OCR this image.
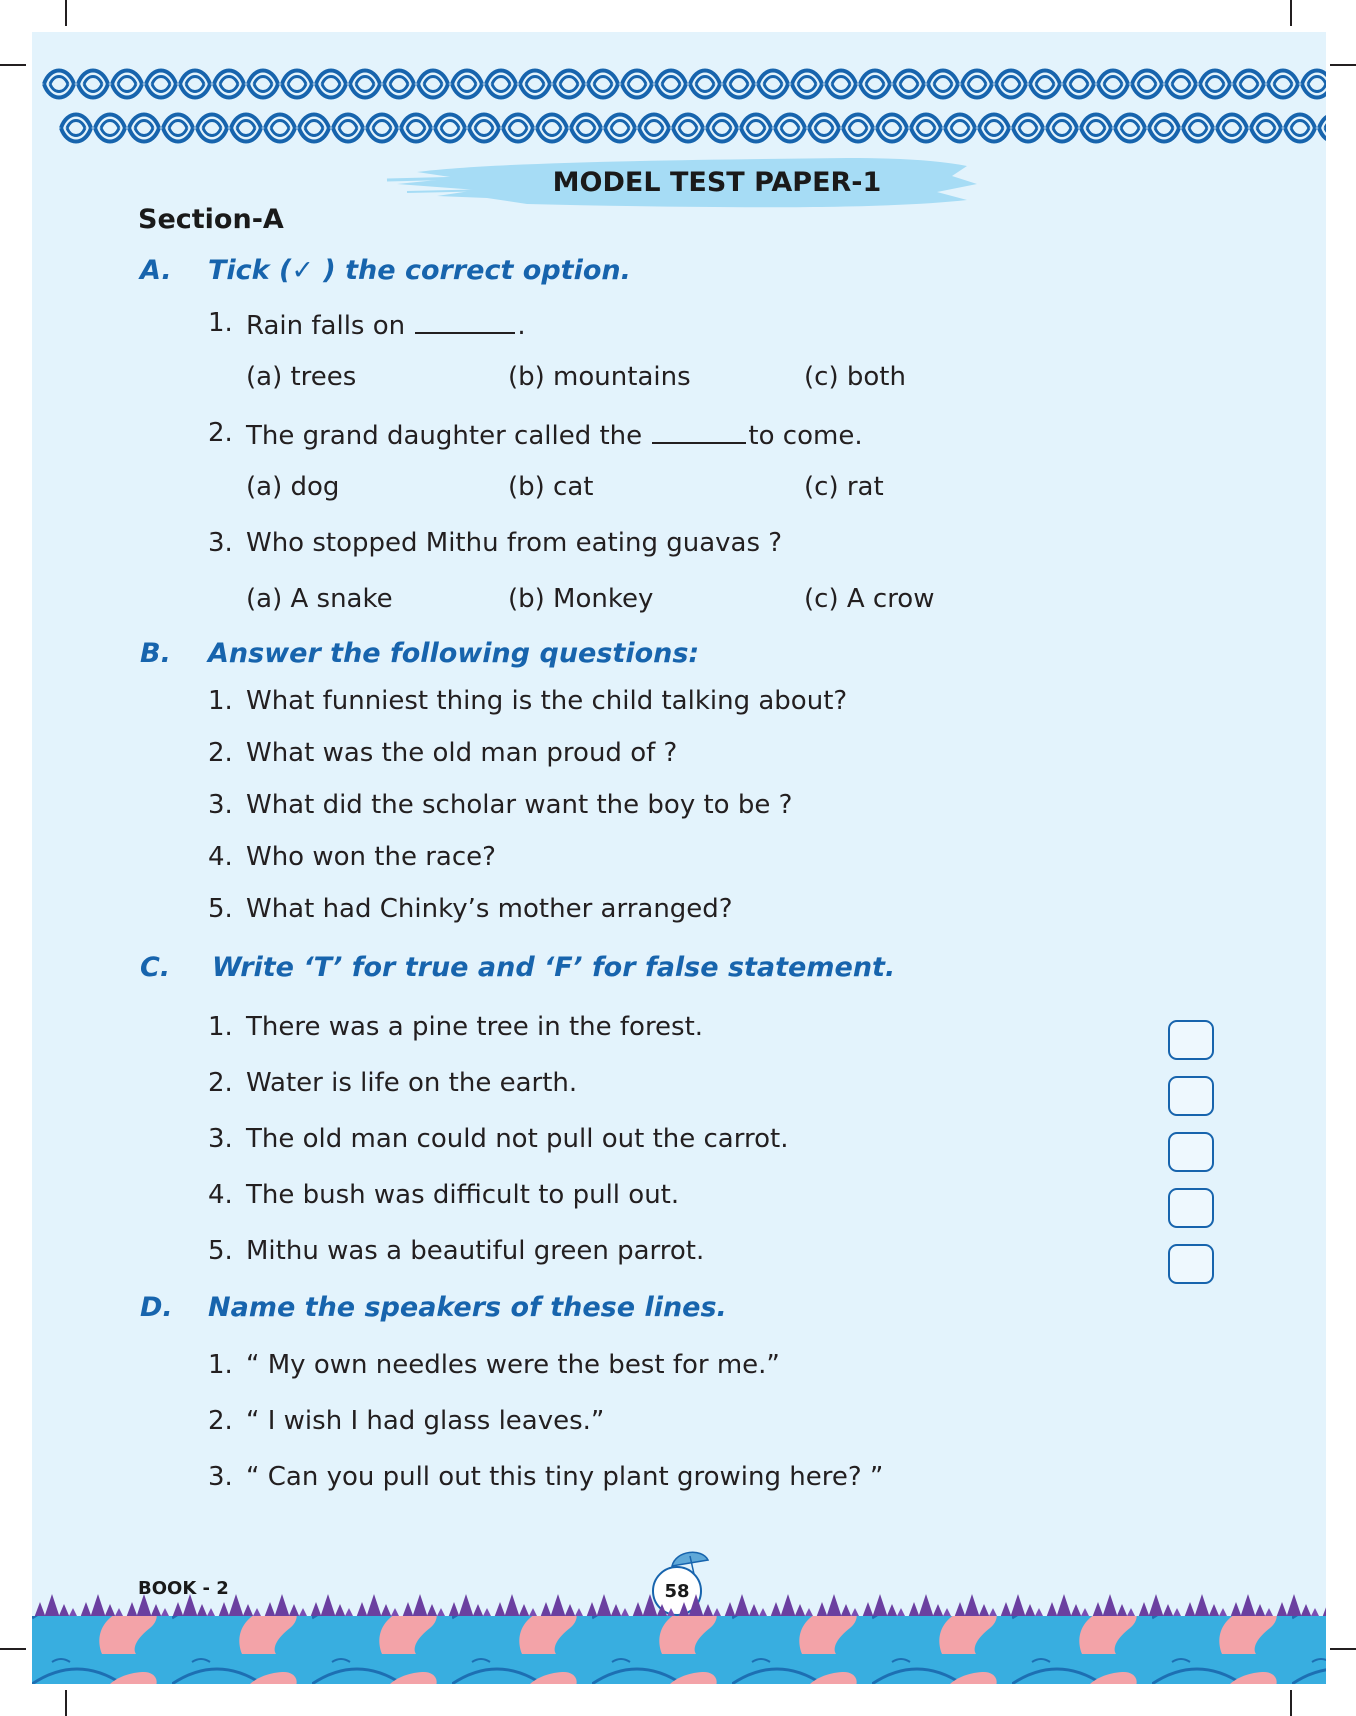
MODEL TEST PAPER-1
Section-A
A. Tick (✓ ) the correct option.
1. Rain falls on	.
(a) trees	(b) mountains	(c) both
2. The grand daughter called the	to come.
(a) dog	(b) cat	(c) rat
3. Who stopped Mithu from eating guavas ?
(a) A snake	(b) Monkey	(c) A crow
B. Answer the following questions:
1. What funniest thing is the child talking about?
2. What was the old man proud of ?
3. What did the scholar want the boy to be ?
4. Who won the race?
5. What had Chinky’s mother arranged?
C. Write ‘T’ for true and ‘F’ for false statement.
1. There was a pine tree in the forest.
2. Water is life on the earth.
3. The old man could not pull out the carrot.
4. The bush was difficult to pull out.
5. Mithu was a beautiful green parrot.
D. Name the speakers of these lines.
1. “ My own needles were the best for me.”
2. “ I wish I had glass leaves.”
3. “ Can you pull out this tiny plant growing here? ”
